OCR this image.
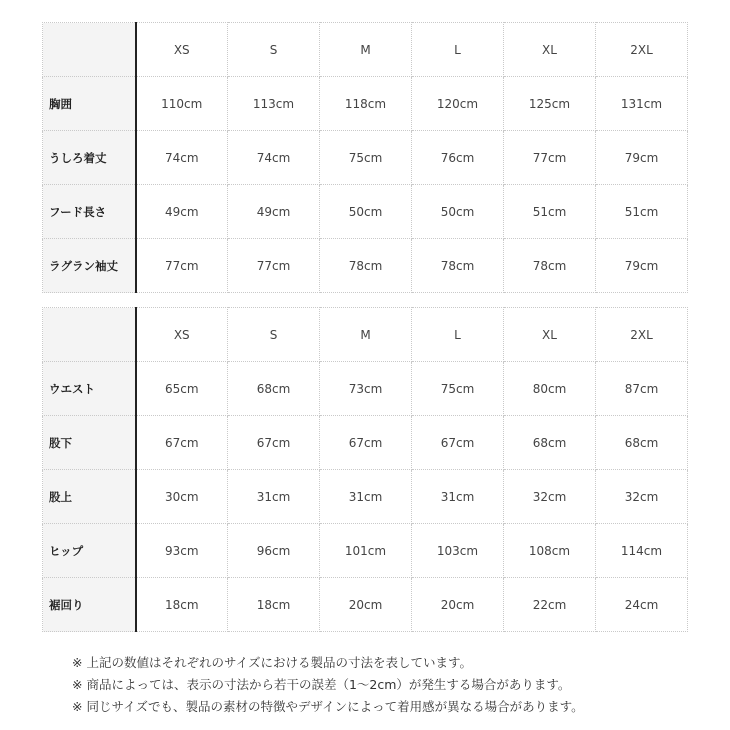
	XS	S	M	L	XL	2XL
胸囲	110cm	113cm	118cm	120cm	125cm	131cm
うしろ着丈	74cm	74cm	75cm	76cm	77cm	79cm
フード長さ	49cm	49cm	50cm	50cm	51cm	51cm
ラグラン袖丈	77cm	77cm	78cm	78cm	78cm	79cm
	XS	S	M	L	XL	2XL
ウエスト	65cm	68cm	73cm	75cm	80cm	87cm
股下	67cm	67cm	67cm	67cm	68cm	68cm
股上	30cm	31cm	31cm	31cm	32cm	32cm
ヒップ	93cm	96cm	101cm	103cm	108cm	114cm
裾回り	18cm	18cm	20cm	20cm	22cm	24cm
※ 上記の数値はそれぞれのサイズにおける製品の寸法を表しています。
※ 商品によっては、表示の寸法から若干の誤差（1〜2cm）が発生する場合があります。
※ 同じサイズでも、製品の素材の特徴やデザインによって着用感が異なる場合があります。
